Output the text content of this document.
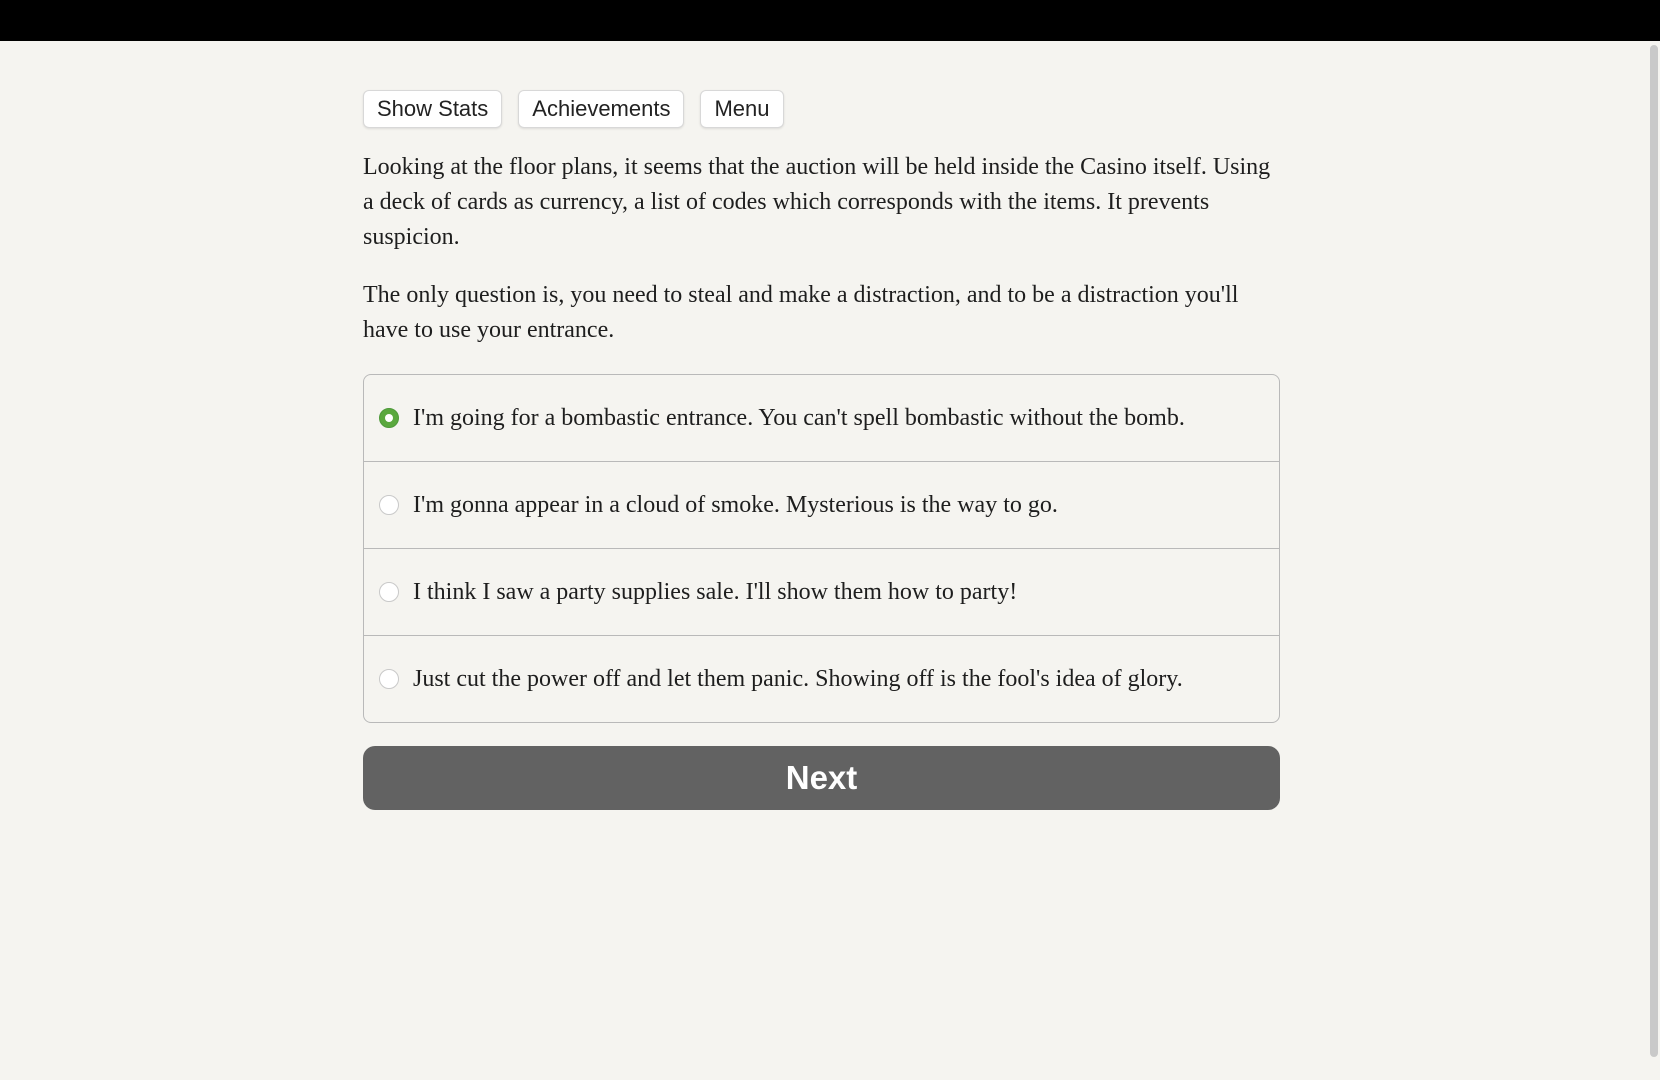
Show Stats	Achievements	Menu

Looking at the floor plans, it seems that the auction will be held inside the Casino itself. Using a deck of cards as currency, a list of codes which corresponds with the items. It prevents suspicion.

The only question is, you need to steal and make a distraction, and to be a distraction you'll have to use your entrance.

I'm going for a bombastic entrance. You can't spell bombastic without the bomb.
I'm gonna appear in a cloud of smoke. Mysterious is the way to go.
I think I saw a party supplies sale. I'll show them how to party!
Just cut the power off and let them panic. Showing off is the fool's idea of glory.
Next
